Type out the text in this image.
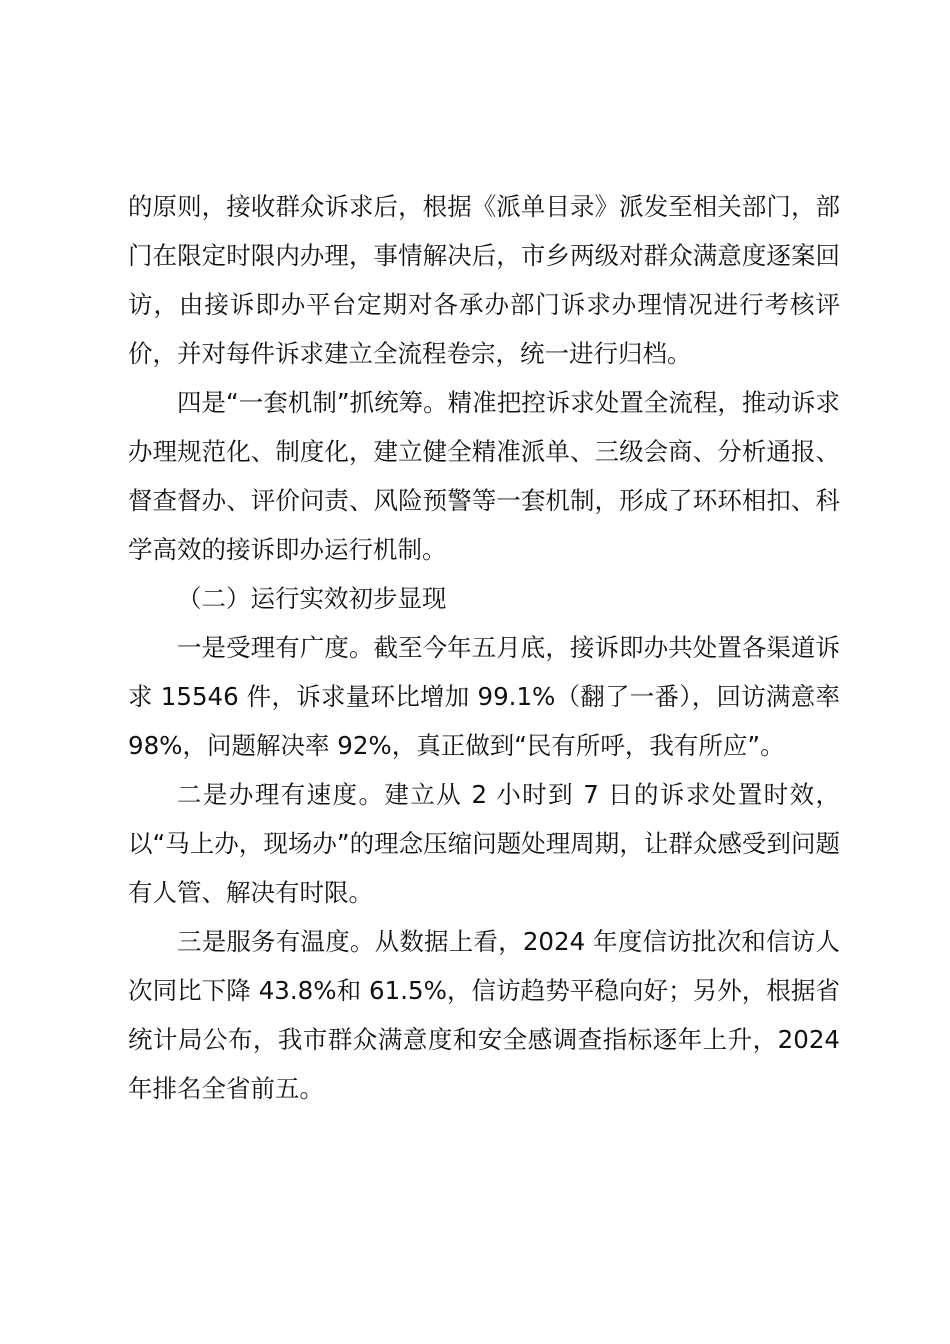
的原则，接收群众诉求后，根据《派单目录》派发至相关部门，部门在限定时限内办理，事情解决后，市乡两级对群众满意度逐案回访，由接诉即办平台定期对各承办部门诉求办理情况进行考核评价，并对每件诉求建立全流程卷宗，统一进行归档。

四是“一套机制”抓统筹。精准把控诉求处置全流程，推动诉求办理规范化、制度化，建立健全精准派单、三级会商、分析通报、督查督办、评价问责、风险预警等一套机制，形成了环环相扣、科学高效的接诉即办运行机制。

（二）运行实效初步显现

一是受理有广度。截至今年五月底，接诉即办共处置各渠道诉求 15546 件，诉求量环比增加 99.1%（翻了一番），回访满意率 98%，问题解决率 92%，真正做到“民有所呼，我有所应”。

二是办理有速度。建立从 2 小时到 7 日的诉求处置时效，以“马上办，现场办”的理念压缩问题处理周期，让群众感受到问题有人管、解决有时限。

三是服务有温度。从数据上看，2024 年度信访批次和信访人次同比下降 43.8%和 61.5%，信访趋势平稳向好；另外，根据省统计局公布，我市群众满意度和安全感调查指标逐年上升，2024 年排名全省前五。
